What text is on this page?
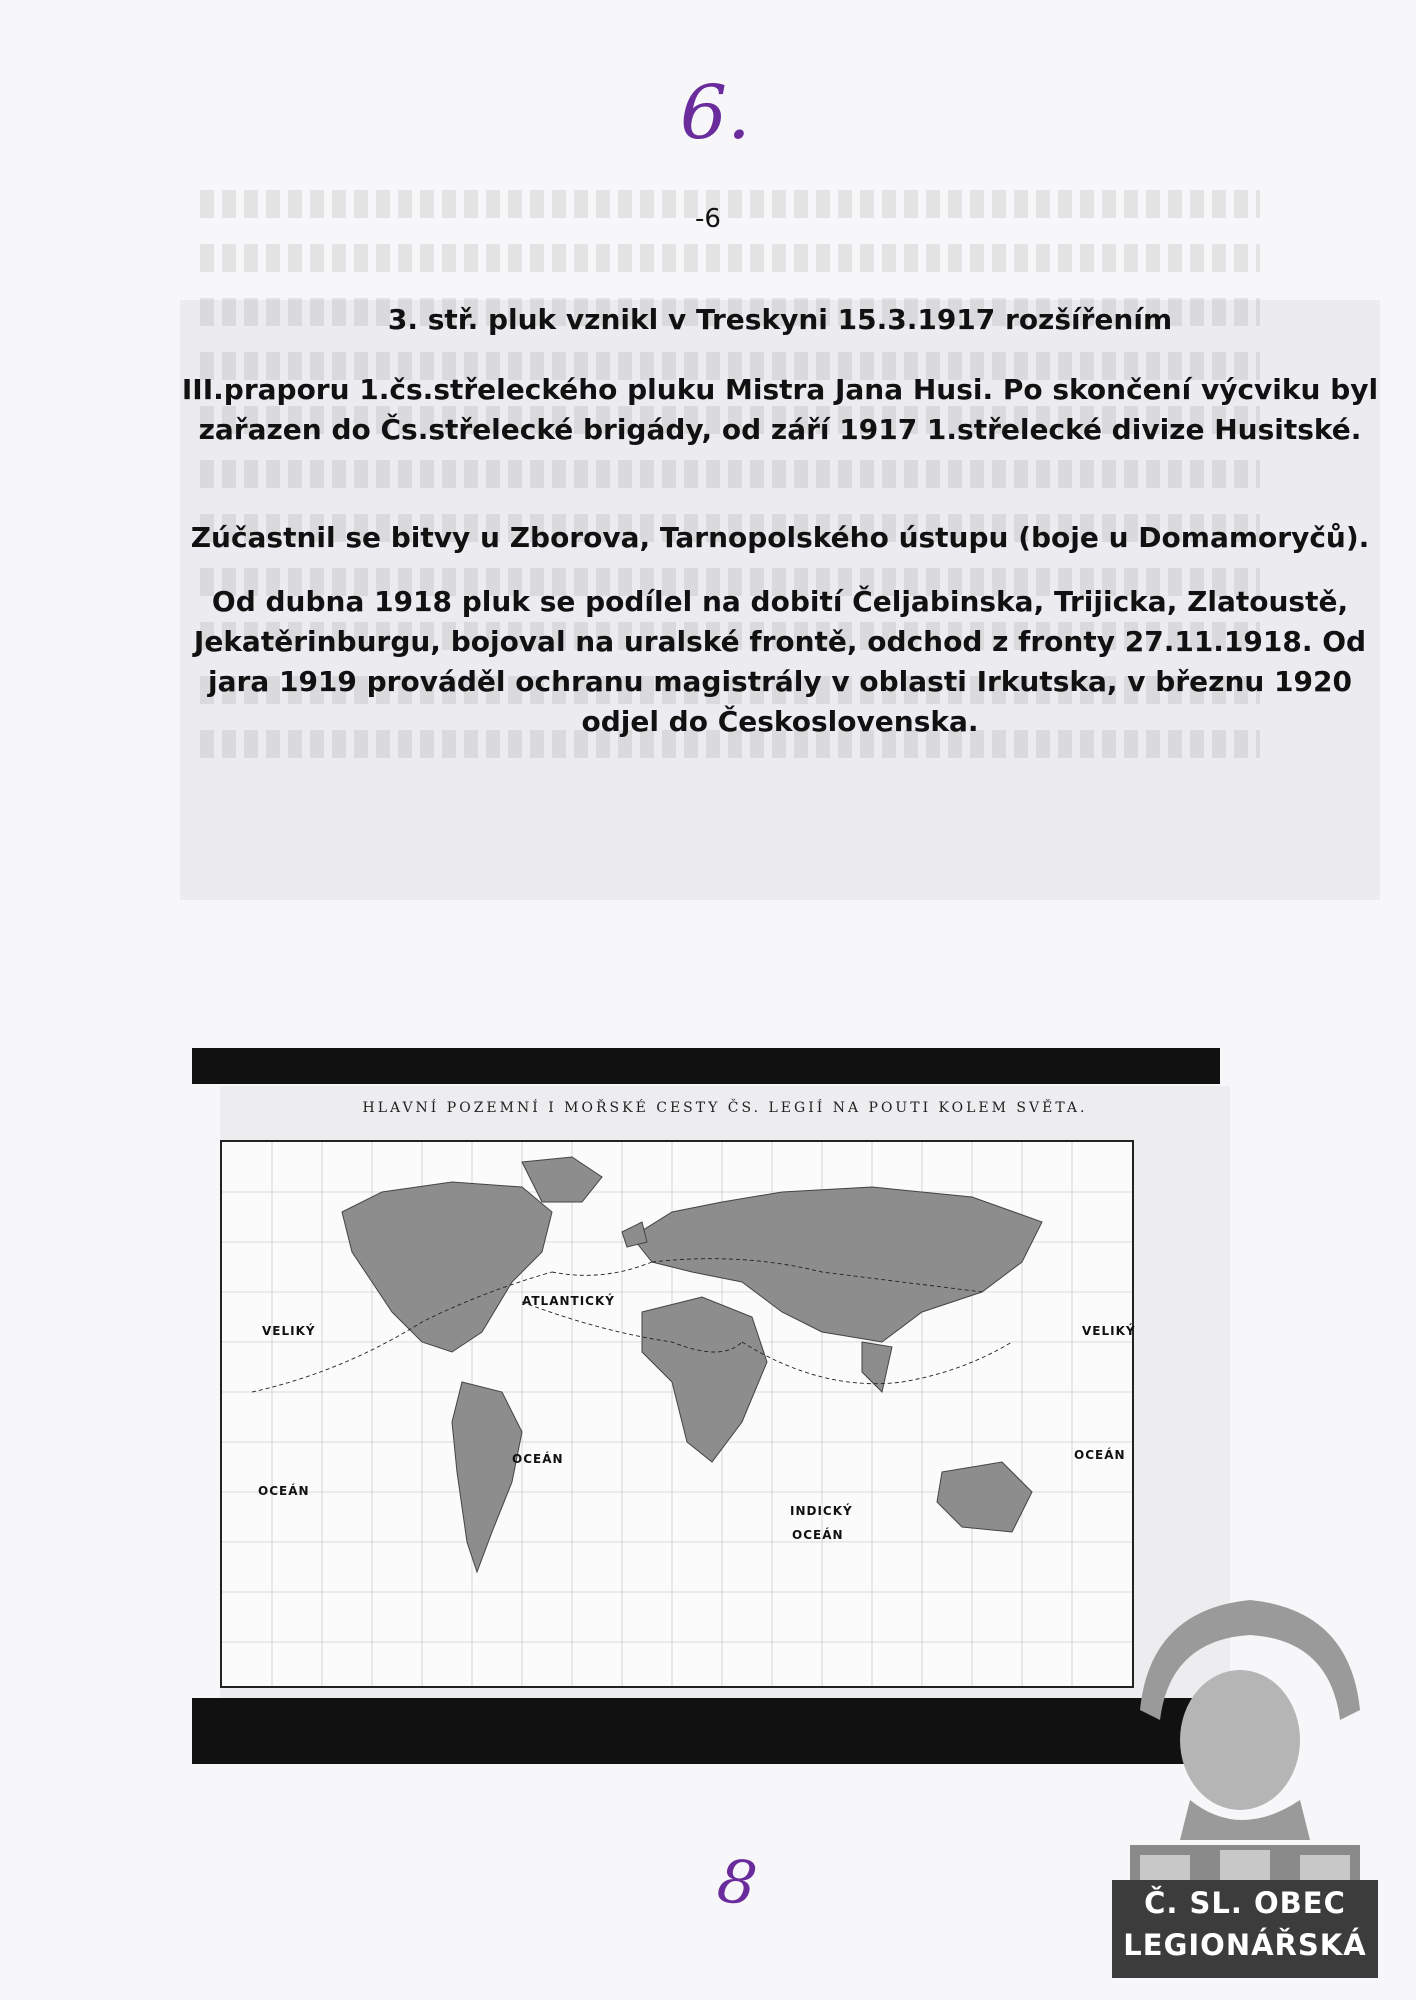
6.
-6

3. stř. pluk vznikl v Treskyni 15.3.1917 rozšířením

III.praporu 1.čs.střeleckého pluku Mistra Jana Husi. Po skončení výcviku byl zařazen do Čs.střelecké brigády, od září 1917 1.střelecké divize Husitské.

Zúčastnil se bitvy u Zborova, Tarnopolského ústupu (boje u Domamoryčů).

Od dubna 1918 pluk se podílel na dobití Čeljabinska, Trijicka, Zlatoustě, Jekatěrinburgu, bojoval na uralské frontě, odchod z fronty 27.11.1918. Od jara 1919 prováděl ochranu magistrály v oblasti Irkutska, v březnu 1920 odjel do Československa.

HLAVNÍ POZEMNÍ I MOŘSKÉ CESTY ČS. LEGIÍ NA POUTI KOLEM SVĚTA.
ATLANTICKÝ
VELIKÝ	VELIKÝ
OCEÁN
OCEÁN	OCEÁN
INDICKÝ
OCEÁN
Č. SL. OBEC
LEGIONÁŘSKÁ
8
